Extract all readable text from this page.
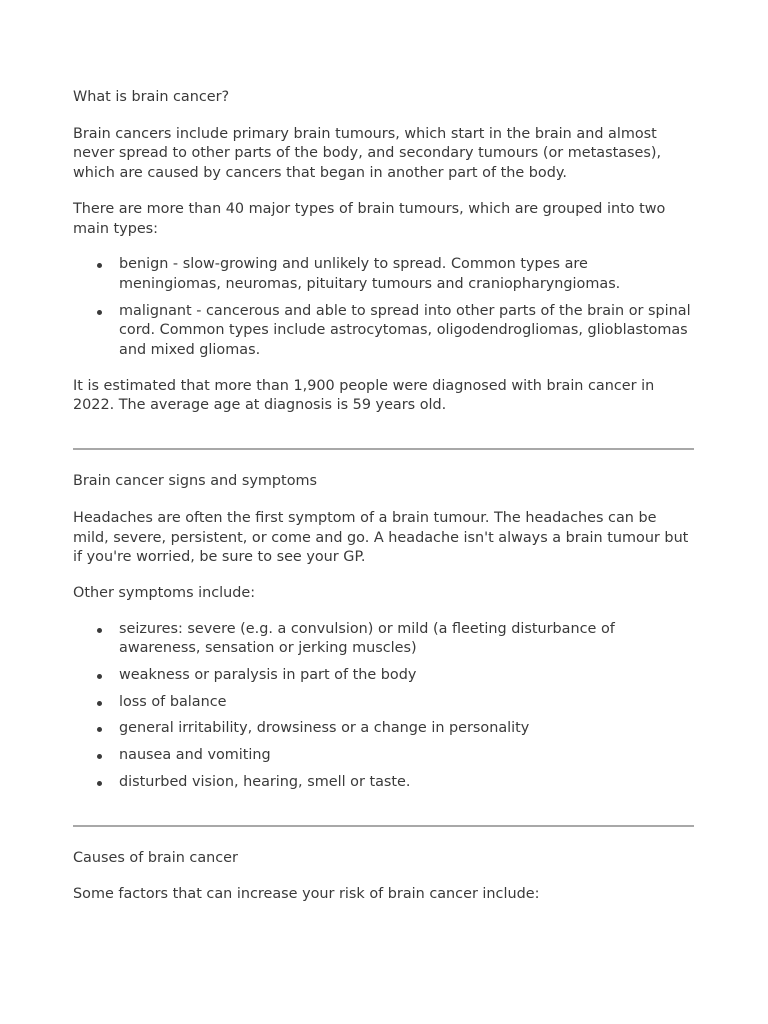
What is brain cancer?

Brain cancers include primary brain tumours, which start in the brain and almost never spread to other parts of the body, and secondary tumours (or metastases), which are caused by cancers that began in another part of the body.

There are more than 40 major types of brain tumours, which are grouped into two main types:

benign - slow-growing and unlikely to spread. Common types are meningiomas, neuromas, pituitary tumours and craniopharyngiomas.
malignant - cancerous and able to spread into other parts of the brain or spinal cord. Common types include astrocytomas, oligodendrogliomas, glioblastomas and mixed gliomas.

It is estimated that more than 1,900 people were diagnosed with brain cancer in 2022. The average age at diagnosis is 59 years old.

Brain cancer signs and symptoms

Headaches are often the first symptom of a brain tumour. The headaches can be mild, severe, persistent, or come and go. A headache isn't always a brain tumour but if you're worried, be sure to see your GP.

Other symptoms include:

seizures: severe (e.g. a convulsion) or mild (a fleeting disturbance of awareness, sensation or jerking muscles)
weakness or paralysis in part of the body
loss of balance
general irritability, drowsiness or a change in personality
nausea and vomiting
disturbed vision, hearing, smell or taste.
Causes of brain cancer

Some factors that can increase your risk of brain cancer include:
